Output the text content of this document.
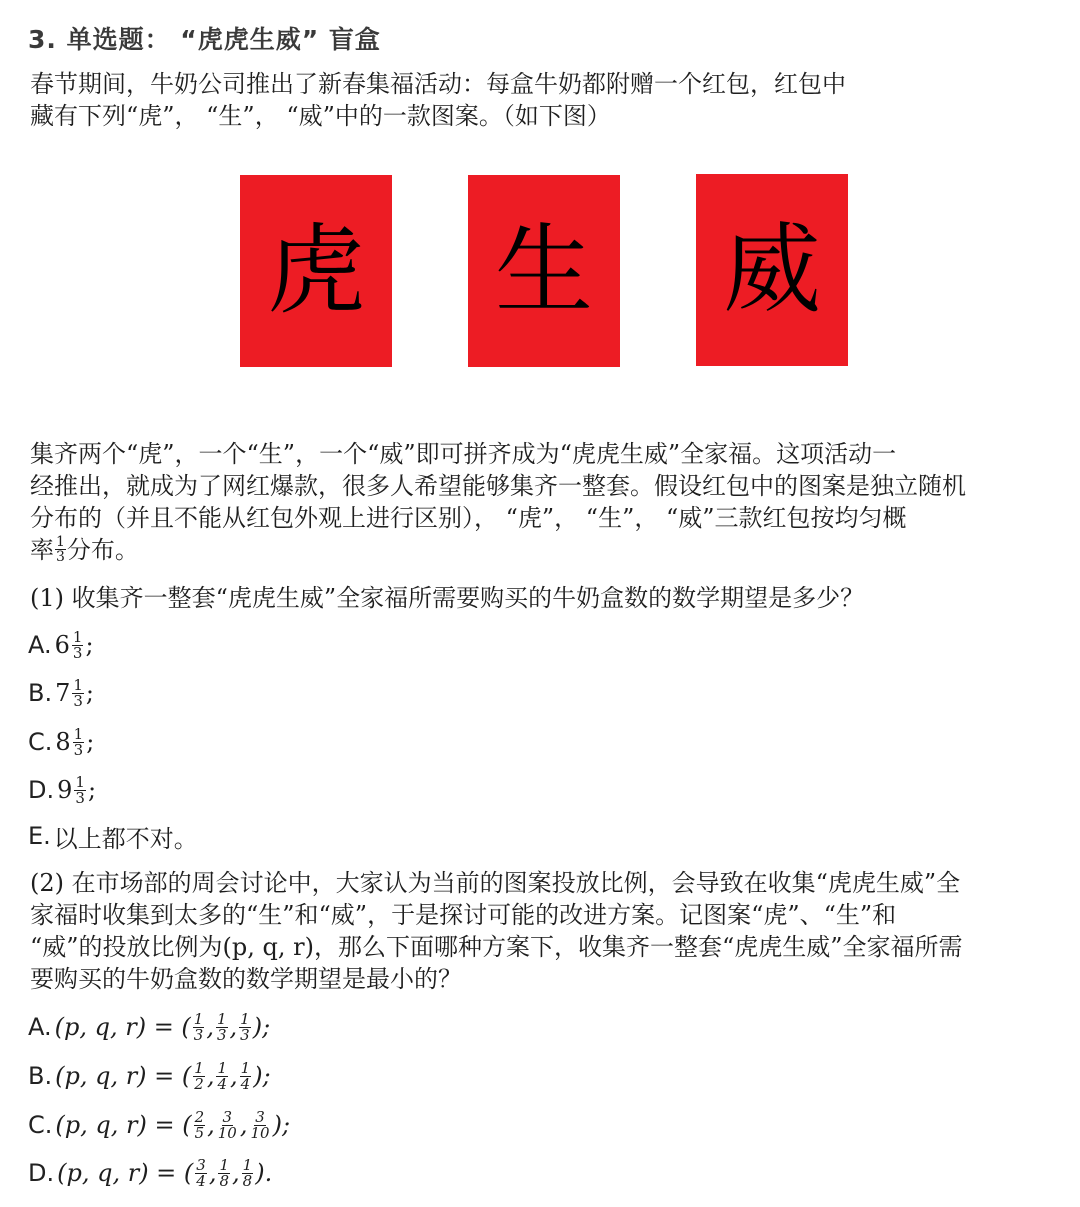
3. 单选题： “虎虎生威” 盲盒
春节期间，牛奶公司推出了新春集福活动：每盒牛奶都附赠一个红包，红包中
藏有下列“虎”， “生”， “威”中的一款图案。（如下图）
虎 生 威
集齐两个“虎”，一个“生”，一个“威”即可拼齐成为“虎虎生威”全家福。这项活动一
经推出，就成为了网红爆款，很多人希望能够集齐一整套。假设红包中的图案是独立随机
分布的（并且不能从红包外观上进行区别）， “虎”， “生”， “威”三款红包按均匀概
率 $\frac{1}{3}$ 分布。
(1) 收集齐一整套“虎虎生威”全家福所需要购买的牛奶盒数的数学期望是多少？
A. $6 \frac{1}{3}$ ;
B. $7 \frac{1}{3}$ ;
C. $8 \frac{1}{3}$ ;
D. $9 \frac{1}{3}$ ;
E. 以上都不对。
(2) 在市场部的周会讨论中，大家认为当前的图案投放比例，会导致在收集“虎虎生威”全
家福时收集到太多的“生”和“威”，于是探讨可能的改进方案。记图案“虎”、“生”和
“威”的投放比例为(p, q, r)，那么下面哪种方案下，收集齐一整套“虎虎生威”全家福所需
要购买的牛奶盒数的数学期望是最小的？
A. (p, q, r) = ( $\frac{1}{3}$ , $\frac{1}{3}$ , $\frac{1}{3}$ );
B. (p, q, r) = ( $\frac{1}{2}$ , $\frac{1}{4}$ , $\frac{1}{4}$ );
C. (p, q, r) = ( $\frac{2}{5}$ , $\frac{3}{10}$ , $\frac{3}{10}$ );
D. (p, q, r) = ( $\frac{3}{4}$ , $\frac{1}{8}$ , $\frac{1}{8}$ ).
